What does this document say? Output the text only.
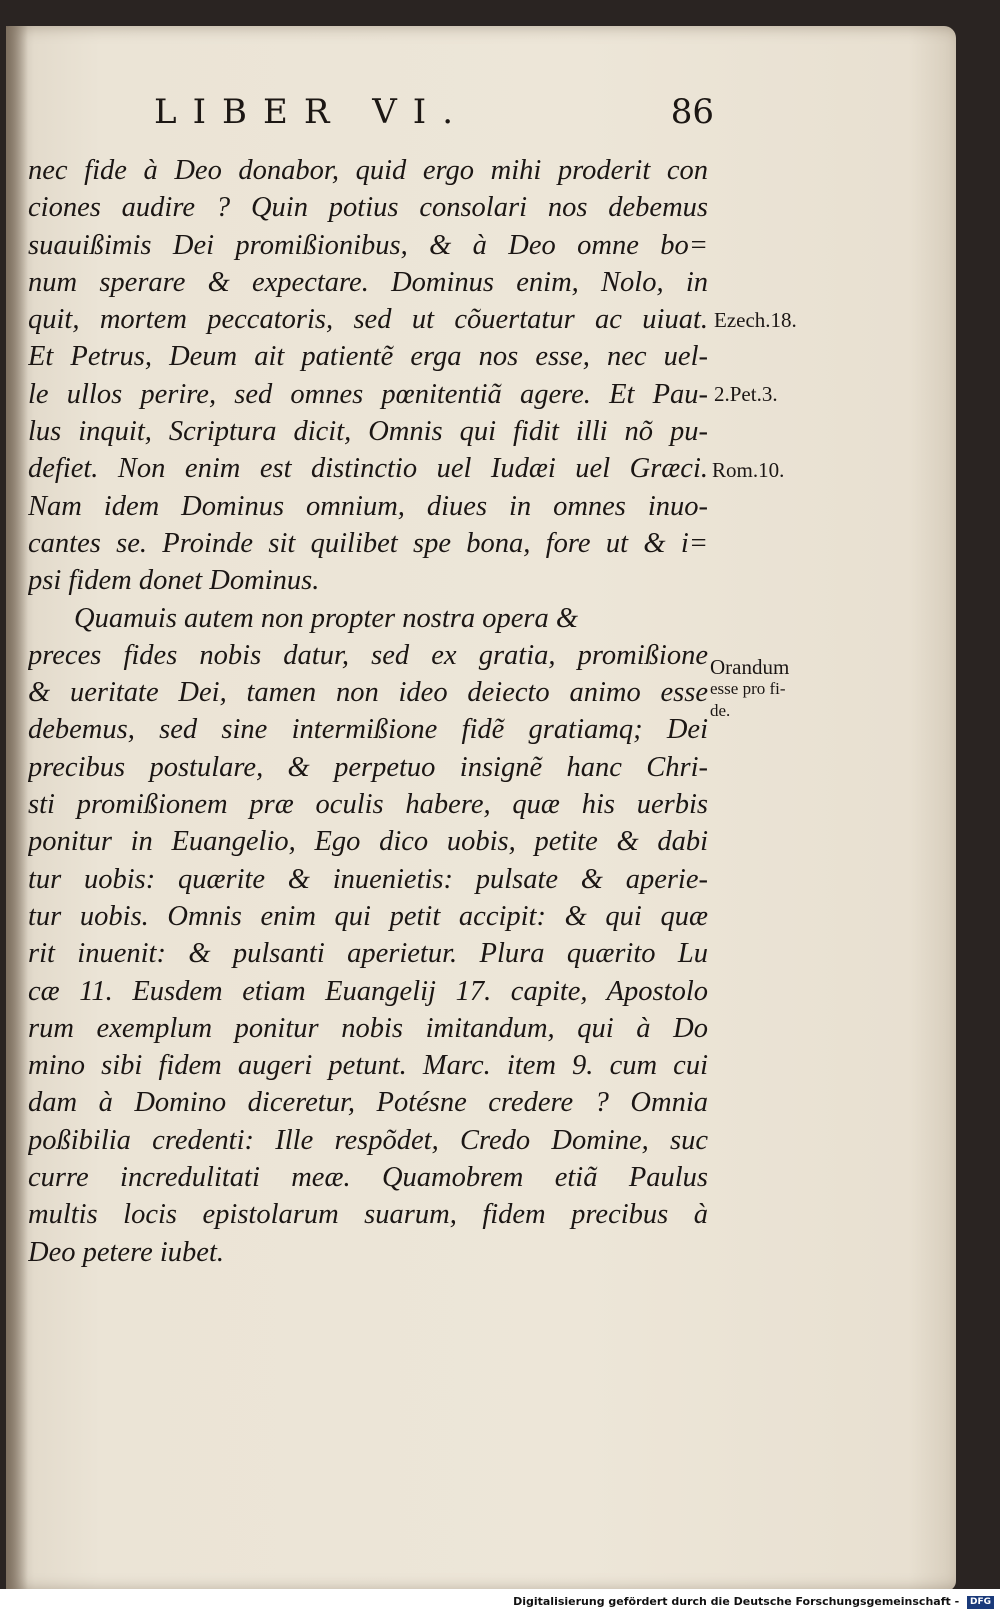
LIBER VI.	86
nec fide à Deo donabor, quid ergo mihi proderit con
ciones audire ? Quin potius consolari nos debemus
suauißimis Dei promißionibus, & à Deo omne bo=
num sperare & expectare. Dominus enim, Nolo, in
quit, mortem peccatoris, sed ut cõuertatur ac uiuat.
Et Petrus, Deum ait patientẽ erga nos esse, nec uel-
le ullos perire, sed omnes pœnitentiã agere. Et Pau-
lus inquit, Scriptura dicit, Omnis qui fidit illi nõ pu-
defiet. Non enim est distinctio uel Iudæi uel Græci.
Nam idem Dominus omnium, diues in omnes inuo-
cantes se. Proinde sit quilibet spe bona, fore ut & i=
psi fidem donet Dominus.
Quamuis autem non propter nostra opera &
preces fides nobis datur, sed ex gratia, promißione
& ueritate Dei, tamen non ideo deiecto animo esse
debemus, sed sine intermißione fidẽ gratiamq; Dei
precibus postulare, & perpetuo insignẽ hanc Chri-
sti promißionem præ oculis habere, quæ his uerbis
ponitur in Euangelio, Ego dico uobis, petite & dabi
tur uobis: quærite & inuenietis: pulsate & aperie-
tur uobis. Omnis enim qui petit accipit: & qui quæ
rit inuenit: & pulsanti aperietur. Plura quærito Lu
cæ 11. Eusdem etiam Euangelij 17. capite, Apostolo
rum exemplum ponitur nobis imitandum, qui à Do
mino sibi fidem augeri petunt. Marc. item 9. cum cui
dam à Domino diceretur, Potésne credere ? Omnia
poßibilia credenti: Ille respõdet, Credo Domine, suc
curre incredulitati meæ. Quamobrem etiã Paulus
multis locis epistolarum suarum, fidem precibus à
Deo petere iubet.
Ezech.18.
2.Pet.3.
Rom.10.
Orandum
esse pro fi-
de.
Digitalisierung gefördert durch die Deutsche Forschungsgemeinschaft - DFG
